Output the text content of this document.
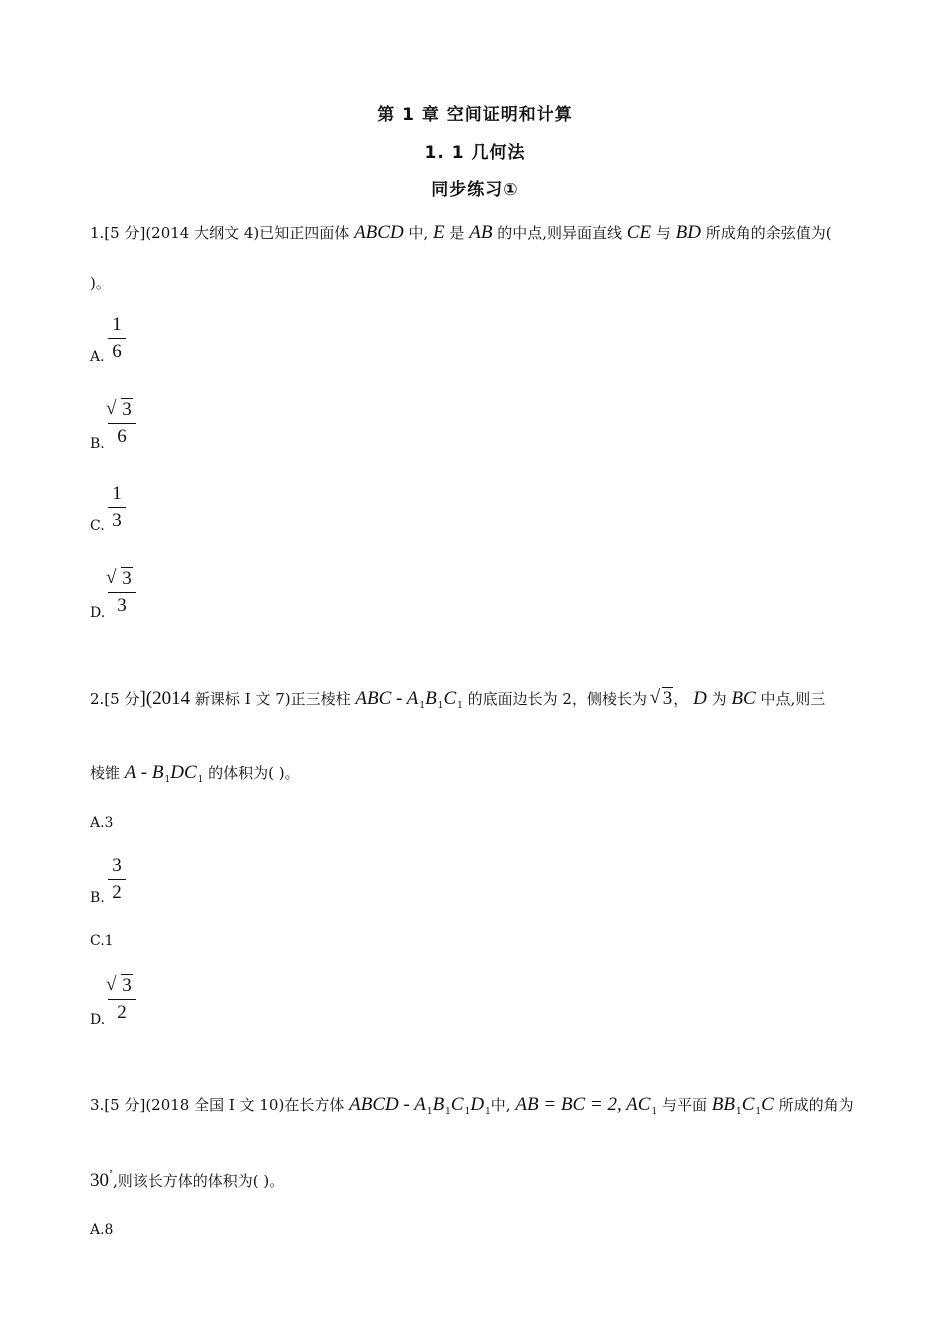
第 1 章 空间证明和计算
1. 1 几何法
同步练习①
1.[5 分](2014 大纲文 4)已知正四面体 ABCD 中, E 是 AB 的中点,则异面直线 CE 与 BD 所成角的余弦值为(
)。
A.
1
6
B.
√ 3
6
C.
1
3
D.
√ 3
3
2.[5 分](2014 新课标 Ⅰ 文 7)正三棱柱 ABC - $A_1B_1C_1$ 的底面边长为 2，侧棱长为 √ 3， D 为 BC 中点,则三
棱锥 A - $B_1DC_1$ 的体积为( )。
A.3
B.
3
2
C.1
D.
√ 3
2
3.[5 分](2018 全国 Ⅰ 文 10)在长方体 ABCD - $A_1B_1C_1D_1$中, AB = BC = 2, $AC_1$ 与平面 $BB_1C_1C$ 所成的角为
30°,则该长方体的体积为( )。
A.8
